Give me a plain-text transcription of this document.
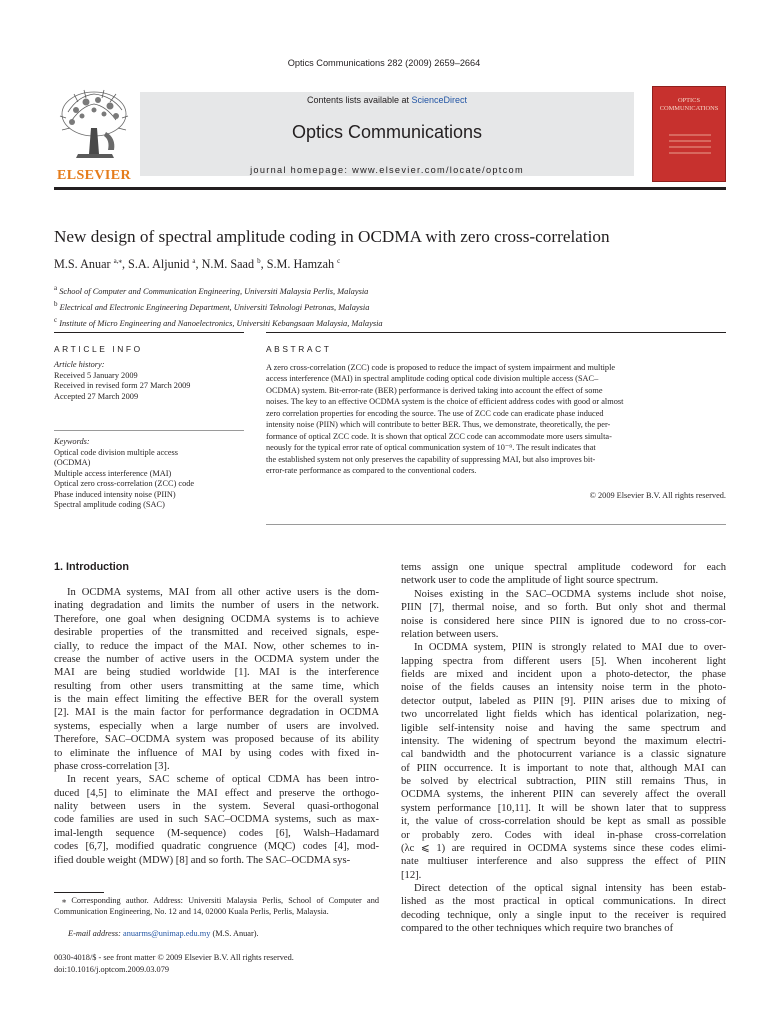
Optics Communications 282 (2009) 2659–2664
ELSEVIER
Contents lists available at ScienceDirect
Optics Communications
journal homepage: www.elsevier.com/locate/optcom
OPTICS COMMUNICATIONS
New design of spectral amplitude coding in OCDMA with zero cross-correlation
M.S. Anuar $^{a,⁎}$, S.A. Aljunid $^a$, N.M. Saad $^b$, S.M. Hamzah $^c$
$^a$ School of Computer and Communication Engineering, Universiti Malaysia Perlis, Malaysia
$^b$ Electrical and Electronic Engineering Department, Universiti Teknologi Petronas, Malaysia
$^c$ Institute of Micro Engineering and Nanoelectronics, Universiti Kebangsaan Malaysia, Malaysia
ARTICLE INFO	ABSTRACT
Article history:
Received 5 January 2009
Received in revised form 27 March 2009
Accepted 27 March 2009
Keywords:
Optical code division multiple access
(OCDMA)
Multiple access interference (MAI)
Optical zero cross-correlation (ZCC) code
Phase induced intensity noise (PIIN)
Spectral amplitude coding (SAC)
A zero cross-correlation (ZCC) code is proposed to reduce the impact of system impairment and multiple
access interference (MAI) in spectral amplitude coding optical code division multiple access (SAC–
OCDMA) system. Bit-error-rate (BER) performance is derived taking into account the effect of some
noises. The key to an effective OCDMA system is the choice of efficient address codes with good or almost
zero correlation properties for encoding the source. The use of ZCC code can eradicate phase induced
intensity noise (PIIN) which will contribute to better BER. Thus, we demonstrate, theoretically, the per-
formance of optical ZCC code. It is shown that optical ZCC code can accommodate more users simulta-
neously for the typical error rate of optical communication system of 10⁻⁹. The result indicates that
the established system not only preserves the capability of suppressing MAI, but also improves bit-
error-rate performance as compared to the conventional coders.
© 2009 Elsevier B.V. All rights reserved.
1. Introduction
In OCDMA systems, MAI from all other active users is the dom-
inating degradation and limits the number of users in the network.
Therefore, one goal when designing OCDMA systems is to achieve
desirable properties of the transmitted and received signals, espe-
cially, to reduce the impact of the MAI. Now, other schemes to in-
crease the number of active users in the OCDMA system under the
MAI are being studied worldwide [1]. MAI is the interference
resulting from other users transmitting at the same time, which
is the main effect limiting the effective BER for the overall system
[2]. MAI is the main factor for performance degradation in OCDMA
systems, especially when a large number of users are involved.
Therefore, SAC–OCDMA system was proposed because of its ability
to eliminate the influence of MAI by using codes with fixed in-
phase cross-correlation [3].
In recent years, SAC scheme of optical CDMA has been intro-
duced [4,5] to eliminate the MAI effect and preserve the orthogo-
nality between users in the system. Several quasi-orthogonal
code families are used in such SAC–OCDMA systems, such as max-
imal-length sequence (M-sequence) codes [6], Walsh–Hadamard
codes [6,7], modified quadratic congruence (MQC) codes [4], mod-
ified double weight (MDW) [8] and so forth. The SAC–OCDMA sys-
tems assign one unique spectral amplitude codeword for each
network user to code the amplitude of light source spectrum.
Noises existing in the SAC–OCDMA systems include shot noise,
PIIN [7], thermal noise, and so forth. But only shot and thermal
noise is considered here since PIIN is ignored due to no cross-cor-
relation between users.
In OCDMA system, PIIN is strongly related to MAI due to over-
lapping spectra from different users [5]. When incoherent light
fields are mixed and incident upon a photo-detector, the phase
noise of the fields causes an intensity noise term in the photo-
detector output, labeled as PIIN [9]. PIIN arises due to mixing of
two uncorrelated light fields which has identical polarization, neg-
ligible self-intensity noise and having the same spectrum and
intensity. The widening of spectrum beyond the maximum electri-
cal bandwidth and the photocurrent variance is a classic signature
of PIIN occurrence. It is important to note that, although MAI can
be solved by electrical subtraction, PIIN still remains Thus, in
OCDMA systems, the inherent PIIN can severely affect the overall
system performance [10,11]. It will be shown later that to suppress
it, the value of cross-correlation should be kept as small as possible
or probably zero. Codes with ideal in-phase cross-correlation
(λc ⩽ 1) are required in OCDMA systems since these codes elimi-
nate multiuser interference and also suppress the effect of PIIN
[12].
Direct detection of the optical signal intensity has been estab-
lished as the most practical in optical communications. In direct
decoding technique, only a single input to the receiver is required
compared to the other techniques which require two branches of
⁎ Corresponding author. Address: Universiti Malaysia Perlis, School of Computer and Communication Engineering, No. 12 and 14, 02000 Kuala Perlis, Perlis, Malaysia.
E-mail address: anuarms@unimap.edu.my (M.S. Anuar).
0030-4018/$ - see front matter © 2009 Elsevier B.V. All rights reserved.
doi:10.1016/j.optcom.2009.03.079
